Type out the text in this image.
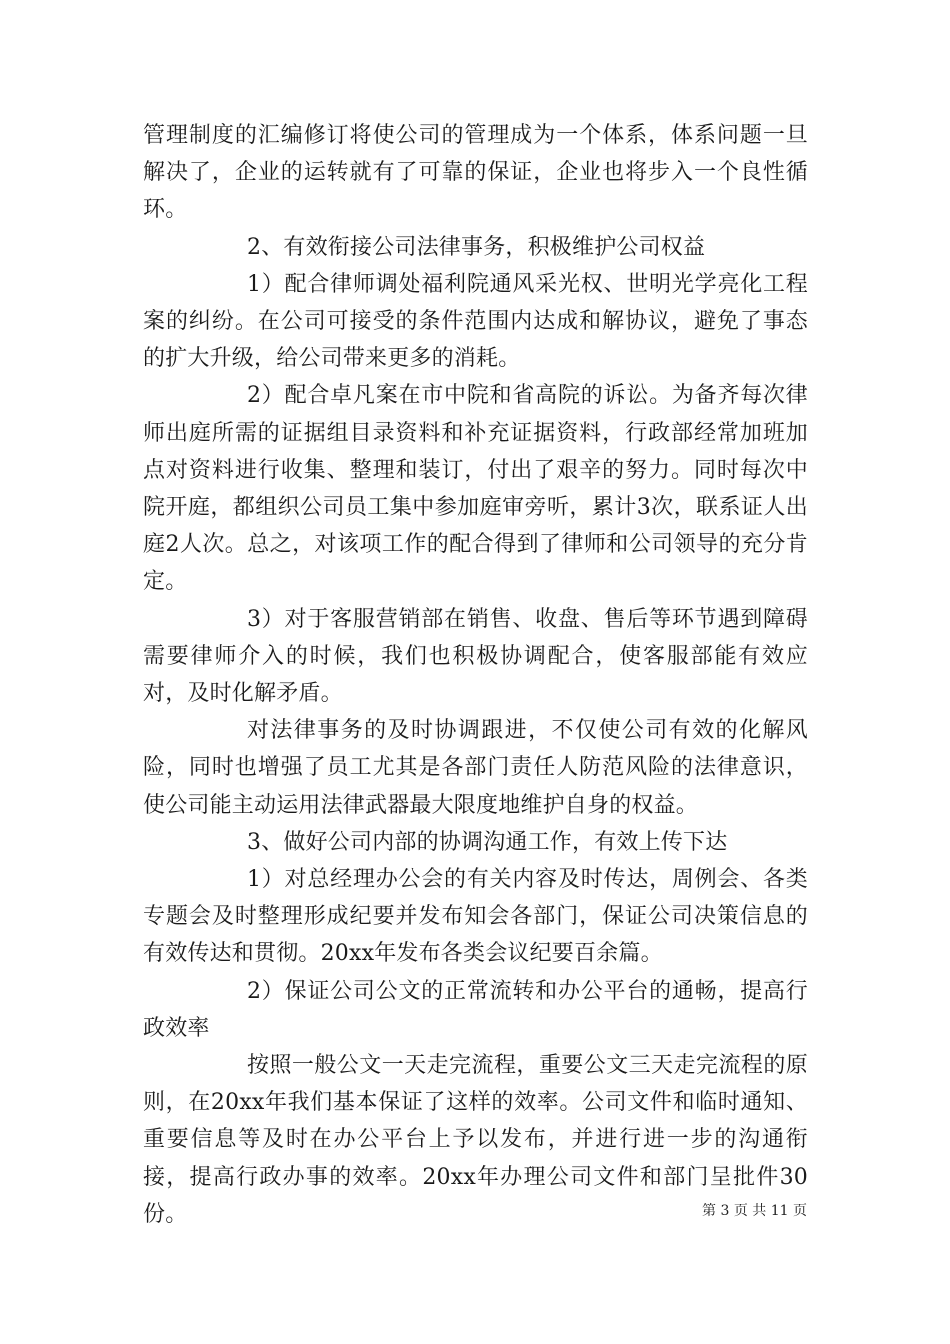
管理制度的汇编修订将使公司的管理成为一个体系，体系问题一旦解决了，企业的运转就有了可靠的保证，企业也将步入一个良性循环。

2、有效衔接公司法律事务，积极维护公司权益

1）配合律师调处福利院通风采光权、世明光学亮化工程案的纠纷。在公司可接受的条件范围内达成和解协议，避免了事态的扩大升级，给公司带来更多的消耗。

2）配合卓凡案在市中院和省高院的诉讼。为备齐每次律师出庭所需的证据组目录资料和补充证据资料，行政部经常加班加点对资料进行收集、整理和装订，付出了艰辛的努力。同时每次中院开庭，都组织公司员工集中参加庭审旁听，累计3次，联系证人出庭2人次。总之，对该项工作的配合得到了律师和公司领导的充分肯定。

3）对于客服营销部在销售、收盘、售后等环节遇到障碍需要律师介入的时候，我们也积极协调配合，使客服部能有效应对，及时化解矛盾。

对法律事务的及时协调跟进，不仅使公司有效的化解风险，同时也增强了员工尤其是各部门责任人防范风险的法律意识，使公司能主动运用法律武器最大限度地维护自身的权益。

3、做好公司内部的协调沟通工作，有效上传下达

1）对总经理办公会的有关内容及时传达，周例会、各类专题会及时整理形成纪要并发布知会各部门，保证公司决策信息的有效传达和贯彻。20xx年发布各类会议纪要百余篇。

2）保证公司公文的正常流转和办公平台的通畅，提高行政效率

按照一般公文一天走完流程，重要公文三天走完流程的原则，在20xx年我们基本保证了这样的效率。公司文件和临时通知、重要信息等及时在办公平台上予以发布，并进行进一步的沟通衔接，提高行政办事的效率。20xx年办理公司文件和部门呈批件30份。	第 3 页 共 11 页
